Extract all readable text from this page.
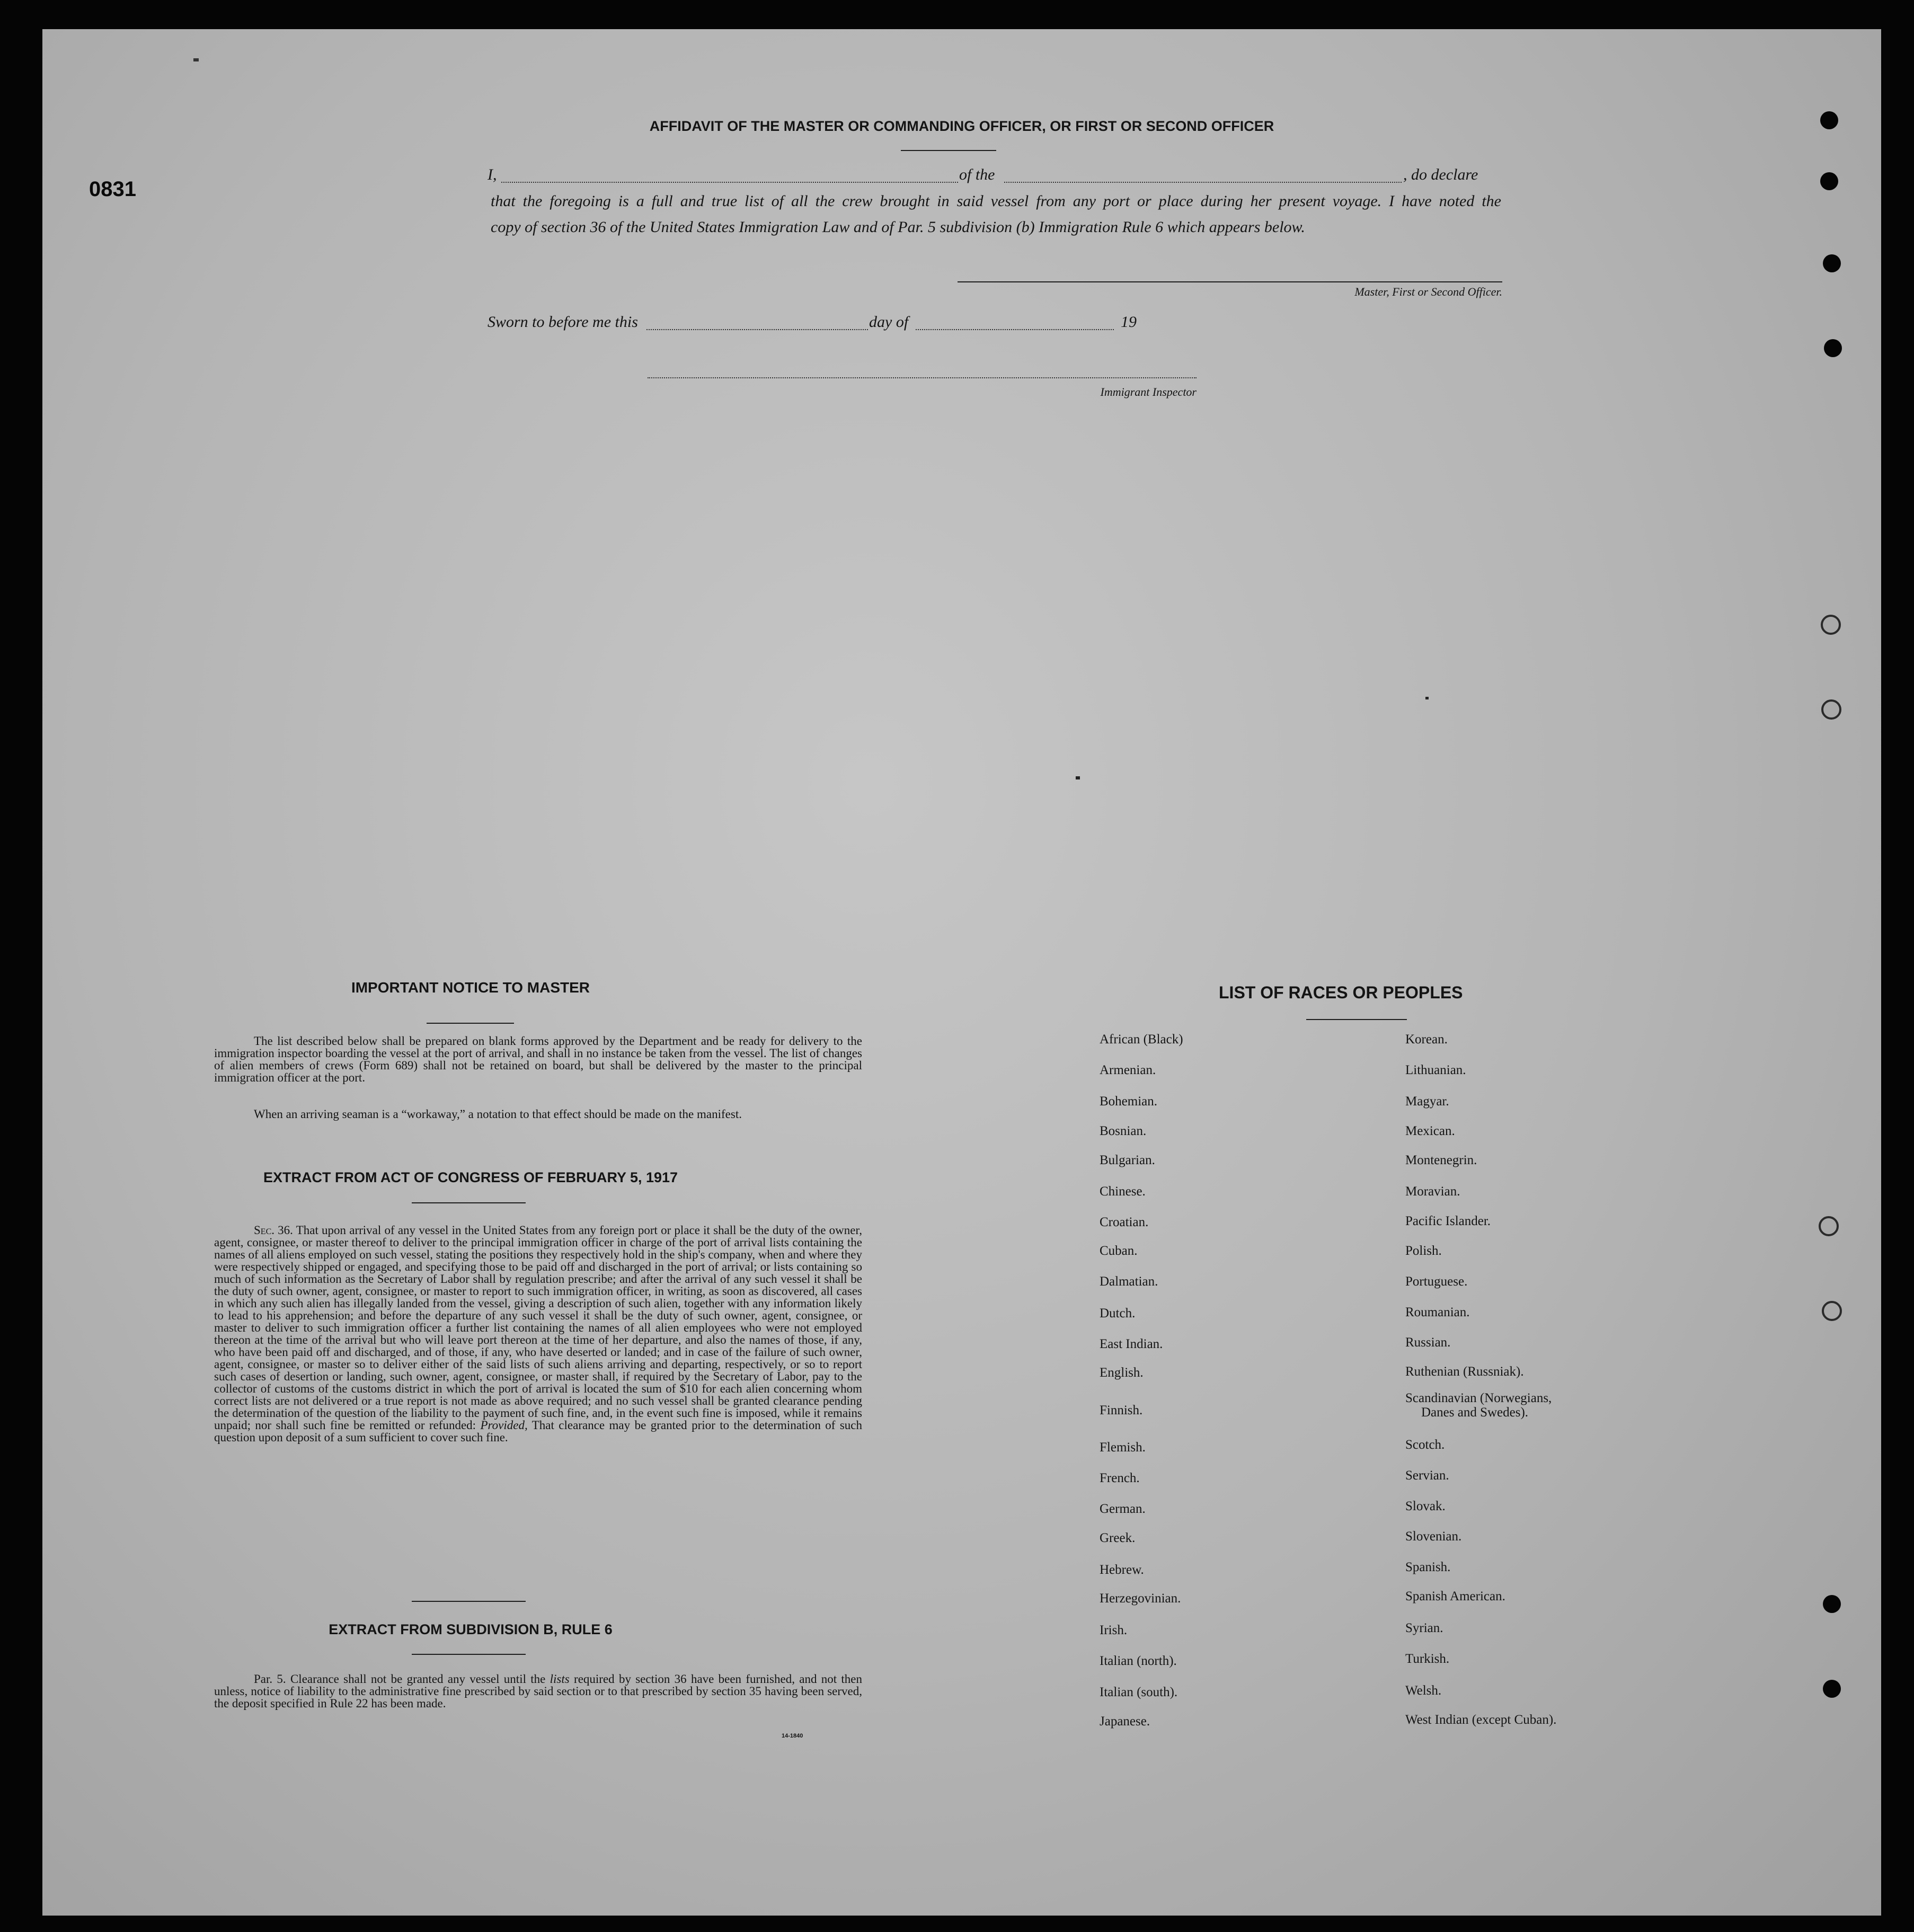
0831
AFFIDAVIT OF THE MASTER OR COMMANDING OFFICER, OR FIRST OR SECOND OFFICER
I,	of the	, do declare
that the foregoing is a full and true list of all the crew brought in said vessel from any port or place during her present voyage. I have noted the
copy of section 36 of the United States Immigration Law and of Par. 5 subdivision (b) Immigration Rule 6 which appears below.
Master, First or Second Officer.
Sworn to before me this	day of	19
Immigrant Inspector
IMPORTANT NOTICE TO MASTER
The list described below shall be prepared on blank forms approved by the Department and be ready for delivery to the immigration inspector boarding the vessel at the port of arrival, and shall in no instance be taken from the vessel. The list of changes of alien members of crews (Form 689) shall not be retained on board, but shall be delivered by the master to the principal immigration officer at the port.
When an arriving seaman is a “workaway,” a notation to that effect should be made on the manifest.
EXTRACT FROM ACT OF CONGRESS OF FEBRUARY 5, 1917
Sec. 36. That upon arrival of any vessel in the United States from any foreign port or place it shall be the duty of the owner, agent, consignee, or master thereof to deliver to the principal immigration officer in charge of the port of arrival lists containing the names of all aliens employed on such vessel, stating the positions they respectively hold in the ship's company, when and where they were respectively shipped or engaged, and specifying those to be paid off and discharged in the port of arrival; or lists containing so much of such information as the Secretary of Labor shall by regulation prescribe; and after the arrival of any such vessel it shall be the duty of such owner, agent, consignee, or master to report to such immigration officer, in writing, as soon as discovered, all cases in which any such alien has illegally landed from the vessel, giving a description of such alien, together with any information likely to lead to his apprehension; and before the departure of any such vessel it shall be the duty of such owner, agent, consignee, or master to deliver to such immigration officer a further list containing the names of all alien employees who were not employed thereon at the time of the arrival but who will leave port thereon at the time of her departure, and also the names of those, if any, who have been paid off and discharged, and of those, if any, who have deserted or landed; and in case of the failure of such owner, agent, consignee, or master so to deliver either of the said lists of such aliens arriving and departing, respectively, or so to report such cases of desertion or landing, such owner, agent, consignee, or master shall, if required by the Secretary of Labor, pay to the collector of customs of the customs district in which the port of arrival is located the sum of $10 for each alien concerning whom correct lists are not delivered or a true report is not made as above required; and no such vessel shall be granted clearance pending the determination of the question of the liability to the payment of such fine, and, in the event such fine is imposed, while it remains unpaid; nor shall such fine be remitted or refunded: Provided, That clearance may be granted prior to the determination of such question upon deposit of a sum sufficient to cover such fine.
EXTRACT FROM SUBDIVISION B, RULE 6
Par. 5. Clearance shall not be granted any vessel until the lists required by section 36 have been furnished, and not then unless, notice of liability to the administrative fine prescribed by said section or to that prescribed by section 35 having been served, the deposit specified in Rule 22 has been made.
14-1840
LIST OF RACES OR PEOPLES
African (Black)
Armenian.
Bohemian.
Bosnian.
Bulgarian.
Chinese.
Croatian.
Cuban.
Dalmatian.
Dutch.
East Indian.
English.
Finnish.
Flemish.
French.
German.
Greek.
Hebrew.
Herzegovinian.
Irish.
Italian (north).
Italian (south).
Japanese.
Korean.
Lithuanian.
Magyar.
Mexican.
Montenegrin.
Moravian.
Pacific Islander.
Polish.
Portuguese.
Roumanian.
Russian.
Ruthenian (Russniak).
Scandinavian (Norwegians,
Danes and Swedes).
Scotch.
Servian.
Slovak.
Slovenian.
Spanish.
Spanish American.
Syrian.
Turkish.
Welsh.
West Indian (except Cuban).
